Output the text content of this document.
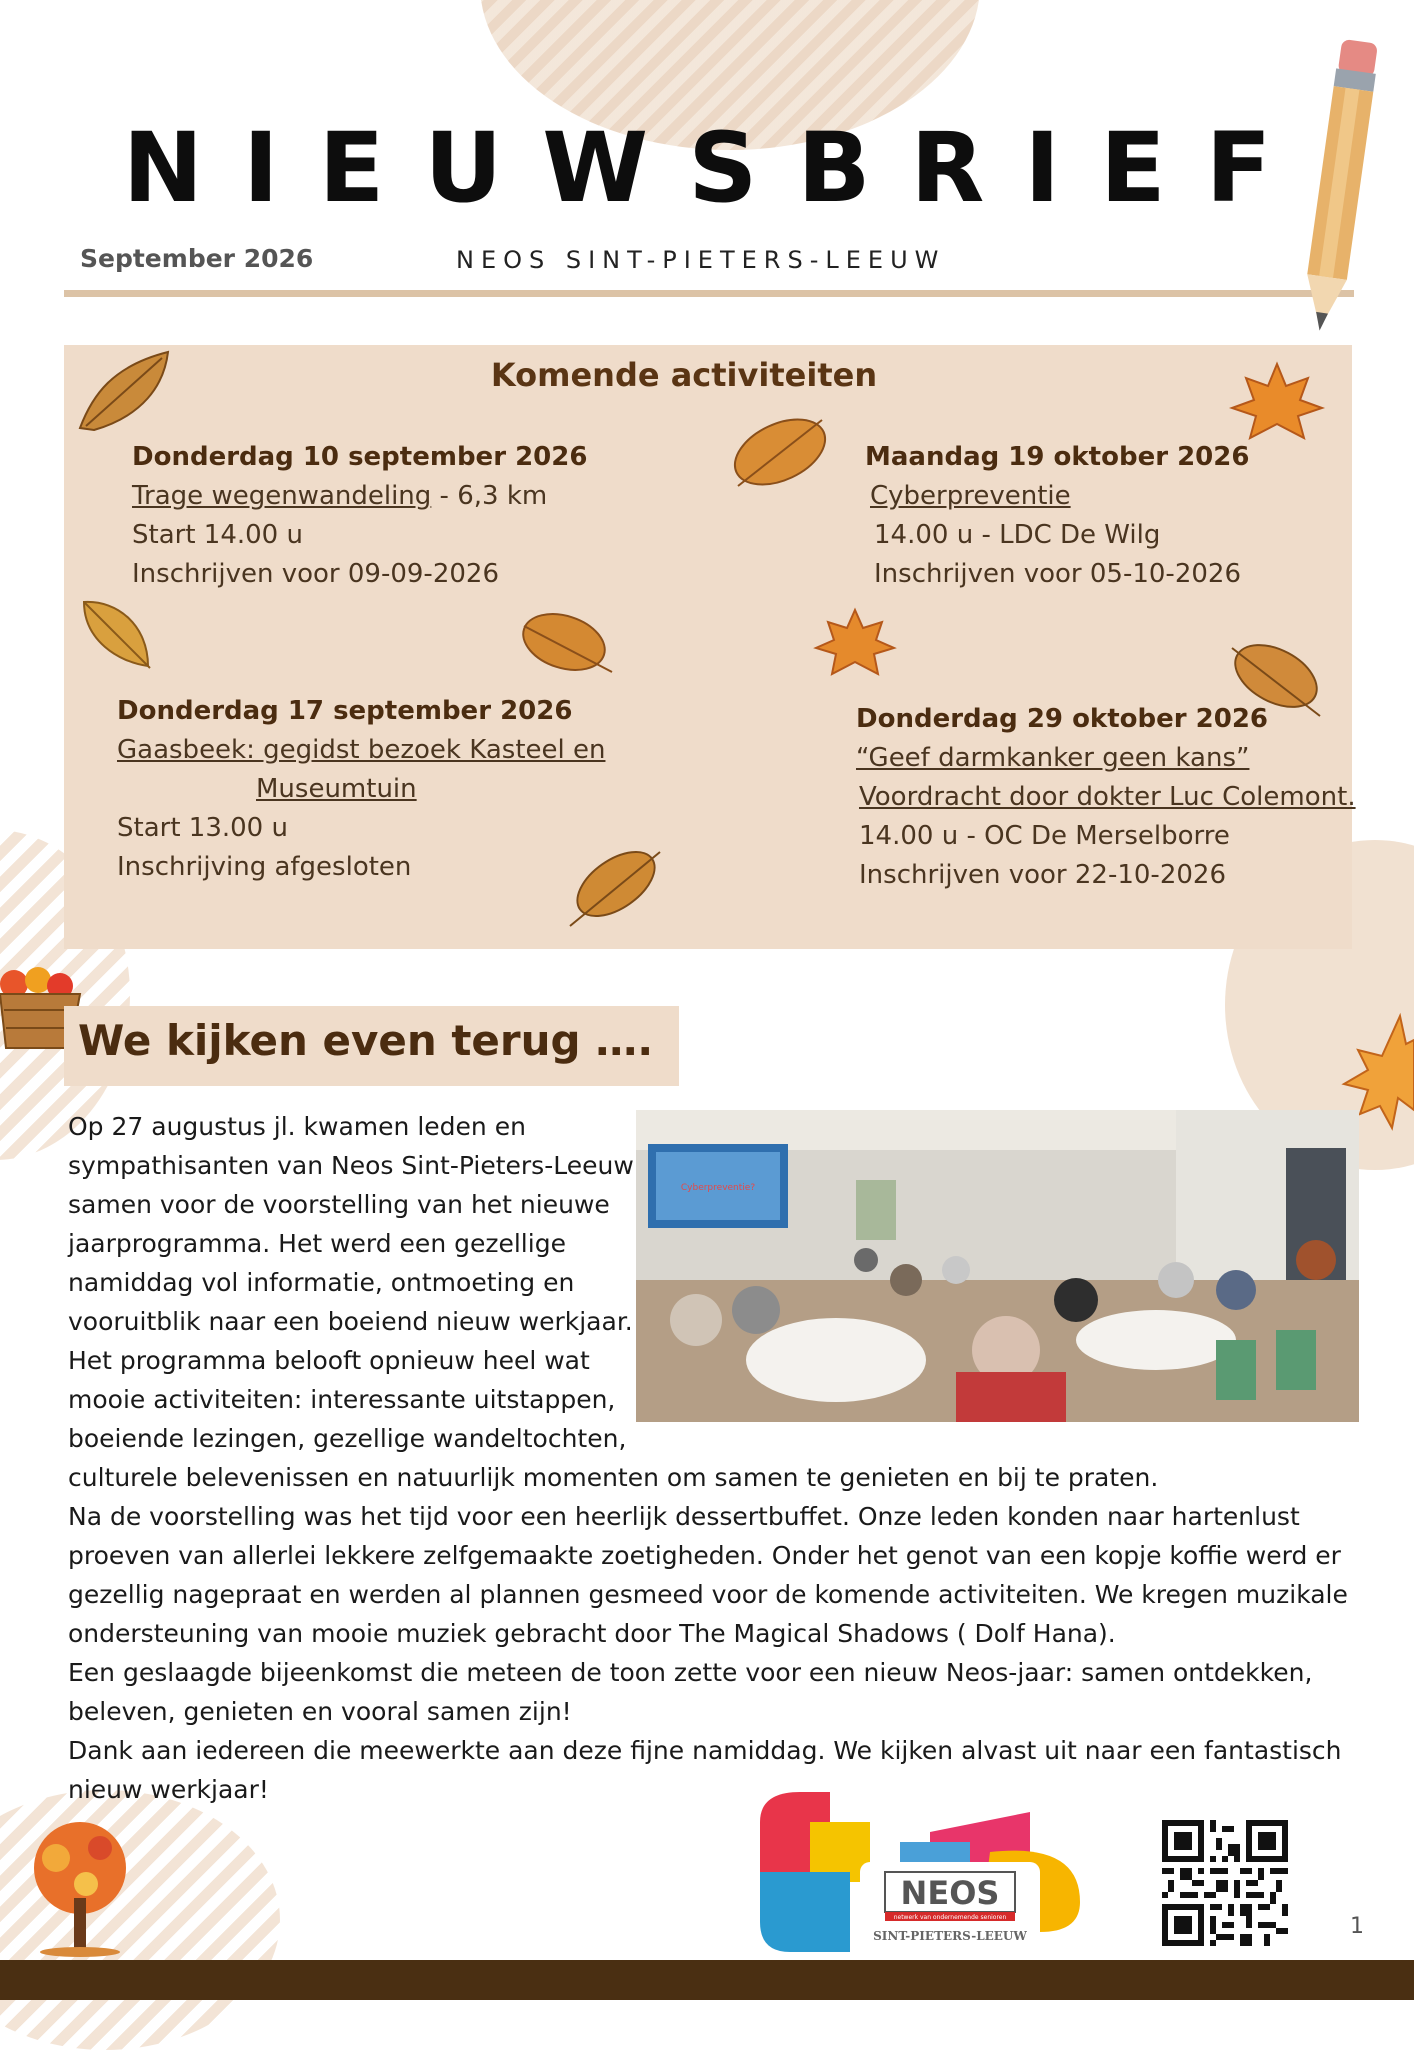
NIEUWSBRIEF
September 2026	NEOS SINT-PIETERS-LEEUW
Komende activiteiten
Donderdag 10 september 2026
Trage wegenwandeling - 6,3 km
Start 14.00 u
Inschrijven voor 09-09-2026
Maandag 19 oktober 2026
Cyberpreventie
14.00 u - LDC De Wilg
Inschrijven voor 05-10-2026
Donderdag 17 september 2026
Gaasbeek: gegidst bezoek Kasteel en
Museumtuin
Start 13.00 u
Inschrijving afgesloten
Donderdag 29 oktober 2026
“Geef darmkanker geen kans”
Voordracht door dokter Luc Colemont.
14.00 u - OC De Merselborre
Inschrijven voor 22-10-2026
We kijken even terug ….
Cyberpreventie?
Op 27 augustus jl. kwamen leden en sympathisanten van Neos Sint-Pieters-Leeuw samen voor de voorstelling van het nieuwe jaarprogramma. Het werd een gezellige namiddag vol informatie, ontmoeting en vooruitblik naar een boeiend nieuw werkjaar. Het programma belooft opnieuw heel wat mooie activiteiten: interessante uitstappen, boeiende lezingen, gezellige wandeltochten, culturele belevenissen en natuurlijk momenten om samen te genieten en bij te praten.
Na de voorstelling was het tijd voor een heerlijk dessertbuffet. Onze leden konden naar hartenlust proeven van allerlei lekkere zelfgemaakte zoetigheden. Onder het genot van een kopje koffie werd er gezellig nagepraat en werden al plannen gesmeed voor de komende activiteiten. We kregen muzikale ondersteuning van mooie muziek gebracht door The Magical Shadows ( Dolf Hana).
Een geslaagde bijeenkomst die meteen de toon zette voor een nieuw Neos-jaar: samen ontdekken, beleven, genieten en vooral samen zijn!
Dank aan iedereen die meewerkte aan deze fijne namiddag. We kijken alvast uit naar een fantastisch nieuw werkjaar!
NEOS
netwerk van ondernemende senioren
SINT-PIETERS-LEEUW	1
